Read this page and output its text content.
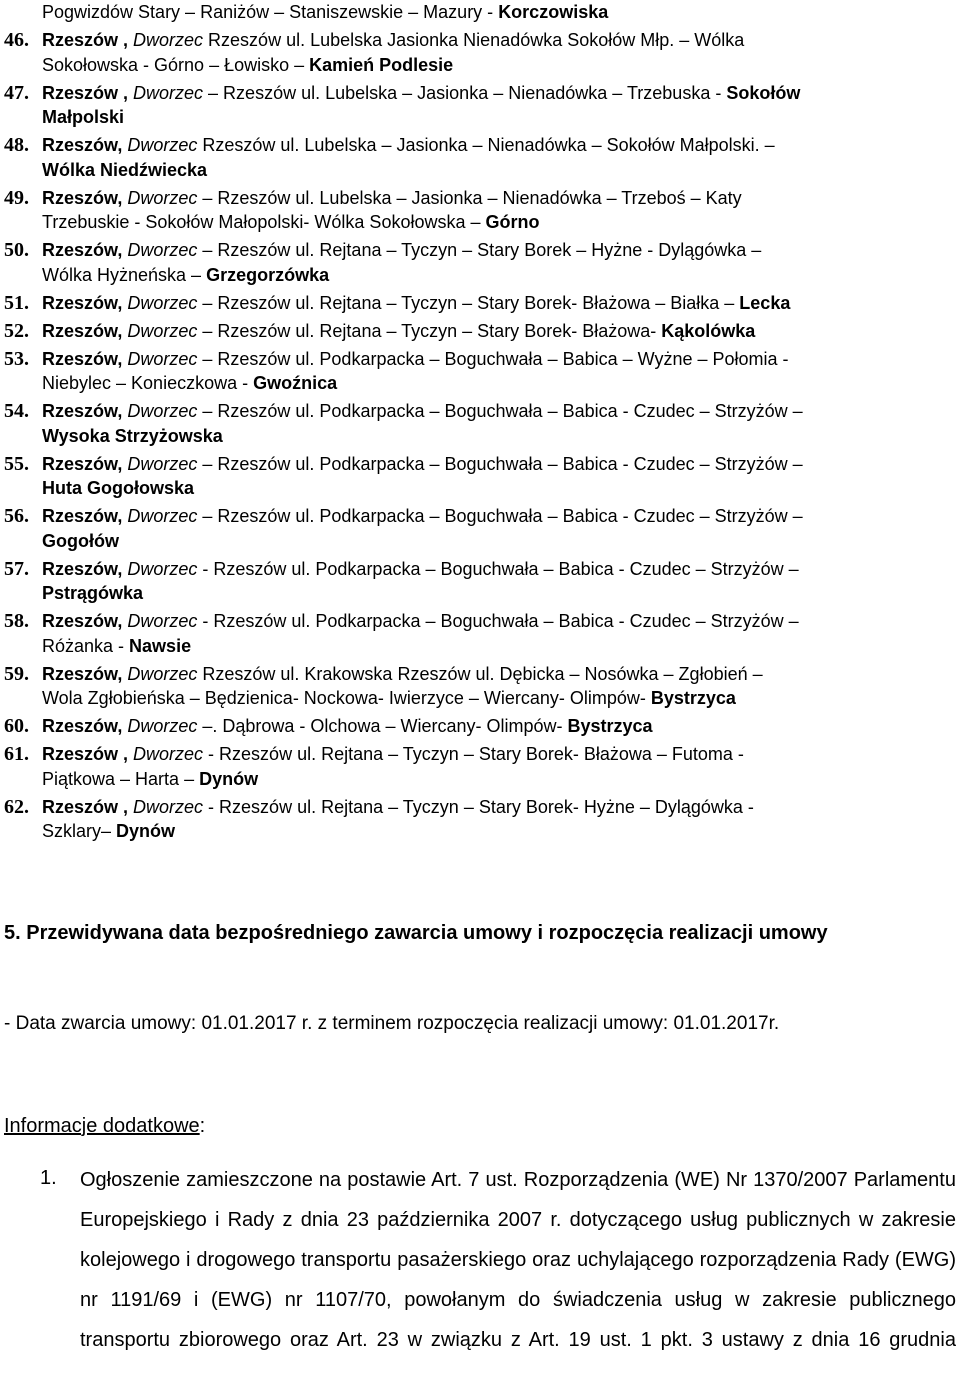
Pogwizdów Stary – Raniżów – Staniszewskie – Mazury - Korczowiska
46. Rzeszów , Dworzec Rzeszów ul. Lubelska Jasionka Nienadówka Sokołów Młp. – Wólka
Sokołowska - Górno – Łowisko – Kamień Podlesie
47. Rzeszów , Dworzec – Rzeszów ul. Lubelska – Jasionka – Nienadówka – Trzebuska - Sokołów
Małpolski
48. Rzeszów, Dworzec Rzeszów ul. Lubelska – Jasionka – Nienadówka – Sokołów Małpolski. –
Wólka Niedźwiecka
49. Rzeszów, Dworzec – Rzeszów ul. Lubelska – Jasionka – Nienadówka – Trzeboś – Katy
Trzebuskie - Sokołów Małopolski- Wólka Sokołowska – Górno
50. Rzeszów, Dworzec – Rzeszów ul. Rejtana – Tyczyn – Stary Borek – Hyżne - Dylągówka –
Wólka Hyżneńska – Grzegorzówka
51. Rzeszów, Dworzec – Rzeszów ul. Rejtana – Tyczyn – Stary Borek- Błażowa – Białka – Lecka
52. Rzeszów, Dworzec – Rzeszów ul. Rejtana – Tyczyn – Stary Borek- Błażowa- Kąkolówka
53. Rzeszów, Dworzec – Rzeszów ul. Podkarpacka – Boguchwała – Babica – Wyżne – Połomia -
Niebylec – Konieczkowa - Gwoźnica
54. Rzeszów, Dworzec – Rzeszów ul. Podkarpacka – Boguchwała – Babica - Czudec – Strzyżów –
Wysoka Strzyżowska
55. Rzeszów, Dworzec – Rzeszów ul. Podkarpacka – Boguchwała – Babica - Czudec – Strzyżów –
Huta Gogołowska
56. Rzeszów, Dworzec – Rzeszów ul. Podkarpacka – Boguchwała – Babica - Czudec – Strzyżów –
Gogołów
57. Rzeszów, Dworzec - Rzeszów ul. Podkarpacka – Boguchwała – Babica - Czudec – Strzyżów –
Pstrągówka
58. Rzeszów, Dworzec - Rzeszów ul. Podkarpacka – Boguchwała – Babica - Czudec – Strzyżów –
Różanka - Nawsie
59. Rzeszów, Dworzec Rzeszów ul. Krakowska Rzeszów ul. Dębicka – Nosówka – Zgłobień –
Wola Zgłobieńska – Będzienica- Nockowa- Iwierzyce – Wiercany- Olimpów- Bystrzyca
60. Rzeszów, Dworzec –. Dąbrowa - Olchowa – Wiercany- Olimpów- Bystrzyca
61. Rzeszów , Dworzec - Rzeszów ul. Rejtana – Tyczyn – Stary Borek- Błażowa – Futoma -
Piątkowa – Harta – Dynów
62. Rzeszów , Dworzec - Rzeszów ul. Rejtana – Tyczyn – Stary Borek- Hyżne – Dylągówka -
Szklary– Dynów
5. Przewidywana data bezpośredniego zawarcia umowy i rozpoczęcia realizacji umowy
- Data zwarcia umowy: 01.01.2017 r. z terminem rozpoczęcia realizacji umowy: 01.01.2017r.
Informacje dodatkowe:
1. Ogłoszenie zamieszczone na postawie Art. 7 ust. Rozporządzenia (WE) Nr 1370/2007 Parlamentu Europejskiego i Rady z dnia 23 października 2007 r. dotyczącego usług publicznych w zakresie kolejowego i drogowego transportu pasażerskiego oraz uchylającego rozporządzenia Rady (EWG) nr 1191/69 i (EWG) nr 1107/70, powołanym do świadczenia usług w zakresie publicznego transportu zbiorowego oraz Art. 23 w związku z Art. 19 ust. 1 pkt. 3 ustawy z dnia 16 grudnia
